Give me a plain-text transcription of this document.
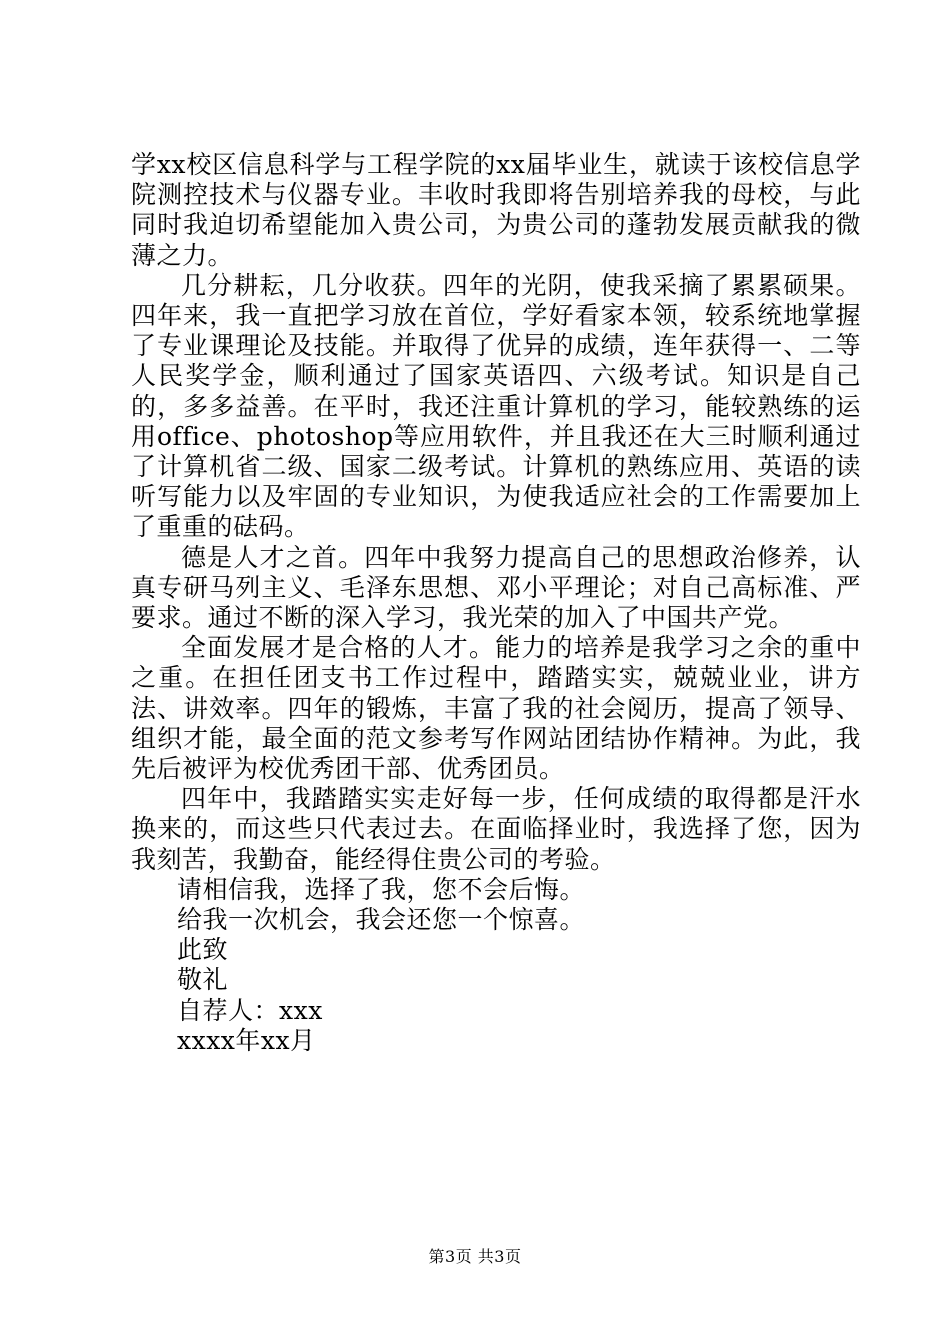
学xx校区信息科学与工程学院的xx届毕业生，就读于该校信息学院测控技术与仪器专业。丰收时我即将告别培养我的母校，与此同时我迫切希望能加入贵公司，为贵公司的蓬勃发展贡献我的微薄之力。

几分耕耘，几分收获。四年的光阴，使我采摘了累累硕果。四年来，我一直把学习放在首位，学好看家本领，较系统地掌握了专业课理论及技能。并取得了优异的成绩，连年获得一、二等人民奖学金，顺利通过了国家英语四、六级考试。知识是自己的，多多益善。在平时，我还注重计算机的学习，能较熟练的运用office、photoshop等应用软件，并且我还在大三时顺利通过了计算机省二级、国家二级考试。计算机的熟练应用、英语的读听写能力以及牢固的专业知识，为使我适应社会的工作需要加上了重重的砝码。

德是人才之首。四年中我努力提高自己的思想政治修养，认真专研马列主义、毛泽东思想、邓小平理论；对自己高标准、严要求。通过不断的深入学习，我光荣的加入了中国共产党。

全面发展才是合格的人才。能力的培养是我学习之余的重中之重。在担任团支书工作过程中，踏踏实实，兢兢业业，讲方法、讲效率。四年的锻炼，丰富了我的社会阅历，提高了领导、组织才能，最全面的范文参考写作网站团结协作精神。为此，我先后被评为校优秀团干部、优秀团员。

四年中，我踏踏实实走好每一步，任何成绩的取得都是汗水换来的，而这些只代表过去。在面临择业时，我选择了您，因为我刻苦，我勤奋，能经得住贵公司的考验。

请相信我，选择了我，您不会后悔。

给我一次机会，我会还您一个惊喜。

此致

敬礼

自荐人：xxx

xxxx年xx月

第3页 共3页
